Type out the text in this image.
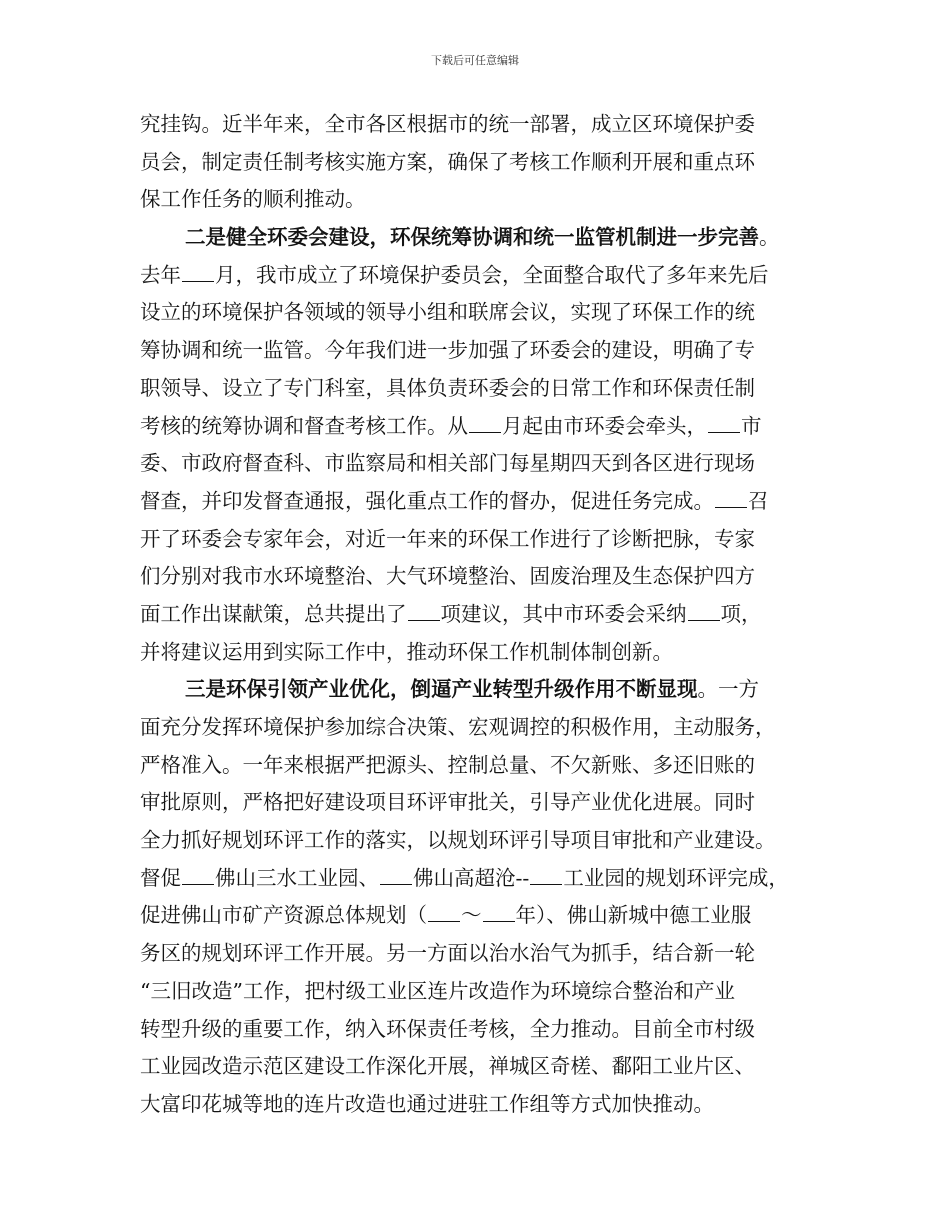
下载后可任意编辑
究挂钩。近半年来，全市各区根据市的统一部署，成立区环境保护委
员会，制定责任制考核实施方案，确保了考核工作顺利开展和重点环
保工作任务的顺利推动。
二是健全环委会建设，环保统筹协调和统一监管机制进一步完善。
去年 月，我市成立了环境保护委员会，全面整合取代了多年来先后
设立的环境保护各领域的领导小组和联席会议，实现了环保工作的统
筹协调和统一监管。今年我们进一步加强了环委会的建设，明确了专
职领导、设立了专门科室，具体负责环委会的日常工作和环保责任制
考核的统筹协调和督查考核工作。从 月起由市环委会牵头， 市
委、市政府督查科、市监察局和相关部门每星期四天到各区进行现场
督查，并印发督查通报，强化重点工作的督办，促进任务完成。 召
开了环委会专家年会，对近一年来的环保工作进行了诊断把脉，专家
们分别对我市水环境整治、大气环境整治、固废治理及生态保护四方
面工作出谋献策，总共提出了 项建议，其中市环委会采纳 项，
并将建议运用到实际工作中，推动环保工作机制体制创新。
三是环保引领产业优化，倒逼产业转型升级作用不断显现。一方
面充分发挥环境保护参加综合决策、宏观调控的积极作用，主动服务，
严格准入。一年来根据严把源头、控制总量、不欠新账、多还旧账的
审批原则，严格把好建设项目环评审批关，引导产业优化进展。同时
全力抓好规划环评工作的落实，以规划环评引导项目审批和产业建设。
督促 佛山三水工业园、 佛山高超沧-- 工业园的规划环评完成，
促进佛山市矿产资源总体规划（ ～ 年）、佛山新城中德工业服
务区的规划环评工作开展。另一方面以治水治气为抓手，结合新一轮
“三旧改造”工作，把村级工业区连片改造作为环境综合整治和产业
转型升级的重要工作，纳入环保责任考核，全力推动。目前全市村级
工业园改造示范区建设工作深化开展，禅城区奇槎、鄱阳工业片区、
大富印花城等地的连片改造也通过进驻工作组等方式加快推动。
